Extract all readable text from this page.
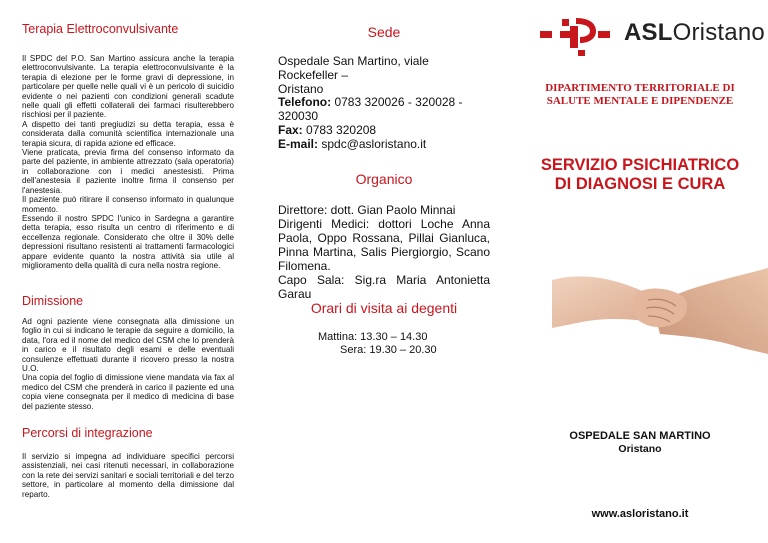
Terapia Elettroconvulsivante

Il SPDC del P.O. San Martino assicura anche la terapia elettroconvulsivante. La terapia elettroconvulsivante è la terapia di elezione per le forme gravi di depressione, in particolare per quelle nelle quali vi è un pericolo di suicidio evidente o nei pazienti con condizioni generali scadute nelle quali gli effetti collaterali dei farmaci risulterebbero rischiosi per il paziente.
A dispetto dei tanti pregiudizi su detta terapia, essa è considerata dalla comunità scientifica internazionale una terapia sicura, di rapida azione ed efficace.
Viene praticata, previa firma del consenso informato da parte del paziente, in ambiente attrezzato (sala operatoria) in collaborazione con i medici anestesisti. Prima dell'anestesia il paziente inoltre firma il consenso per l'anestesia.
Il paziente può ritirare il consenso informato in qualunque momento.
Essendo il nostro SPDC l'unico in Sardegna a garantire detta terapia, esso risulta un centro di riferimento e di eccellenza regionale. Considerato che oltre il 30% delle depressioni risultano resistenti ai trattamenti farmacologici appare evidente quanto la nostra attività sia utile al miglioramento della qualità di cura nella nostra regione.

Dimissione

Ad ogni paziente viene consegnata alla dimissione un foglio in cui si indicano le terapie da seguire a domicilio, la data, l'ora ed il nome del medico del CSM che lo prenderà in carico e il risultato degli esami e delle eventuali consulenze effettuati durante il ricovero presso la nostra U.O.
Una copia del foglio di dimissione viene mandata via fax al medico del CSM che prenderà in carico il paziente ed una copia viene consegnata per il medico di medicina di base del paziente stesso.

Percorsi di integrazione

Il servizio si impegna ad individuare specifici percorsi assistenziali, nei casi ritenuti necessari, in collaborazione con la rete dei servizi sanitari e sociali territoriali e del terzo settore, in particolare al momento della dimissione dal reparto.

Sede

Ospedale San Martino, viale Rockefeller –

Oristano

Telefono: 0783 320026 - 320028 - 320030

Fax: 0783 320208

E-mail: spdc@asloristano.it

Organico

Direttore: dott. Gian Paolo Minnai

Dirigenti Medici: dottori Loche Anna Paola, Oppo Rossana, Pillai Gianluca, Pinna Martina, Salis Piergiorgio, Scano Filomena.

Capo Sala: Sig.ra Maria Antonietta Garau

Orari di visita ai degenti

Mattina: 13.30 – 14.30

Sera: 19.30 – 20.30

ASLOristano
DIPARTIMENTO TERRITORIALE DI
SALUTE MENTALE E DIPENDENZE
SERVIZIO PSICHIATRICO
DI DIAGNOSI E CURA
OSPEDALE SAN MARTINO
Oristano
www.asloristano.it
